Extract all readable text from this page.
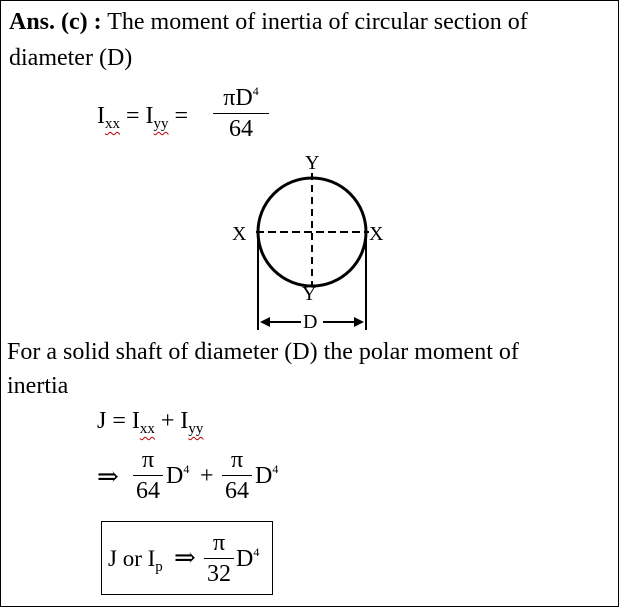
Ans. (c) : The moment of inertia of circular section of
diameter (D)
$I_{xx} = I_{yy}$ =
$\pi D^4$
64
Y
Y
X	X
D
For a solid shaft of diameter (D) the polar moment of
inertia
$J = I_{xx} + I_{yy}$
⇒
π
64
$D^4$ +
π
64
$D^4$
J or $I_p$ ⇒ π
32
$D^4$
